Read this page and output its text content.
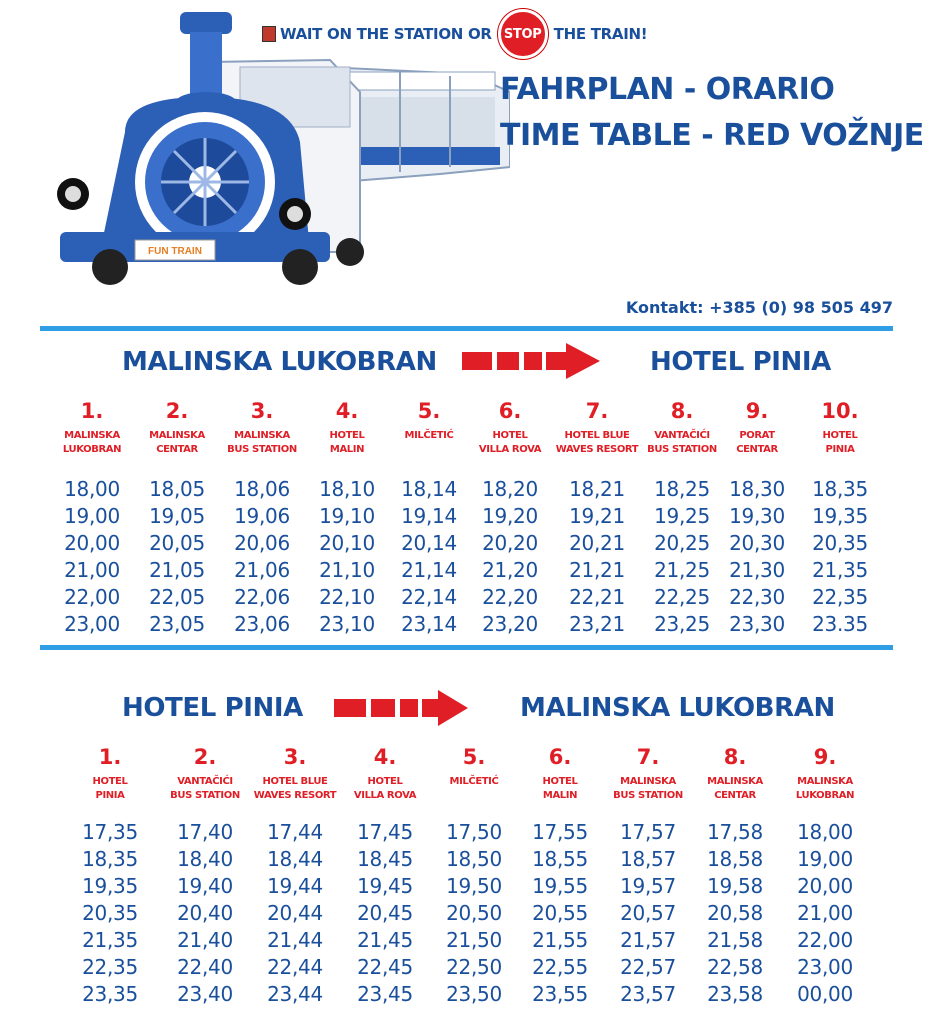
FUN TRAIN
WAIT ON THE STATION OR STOP THE TRAIN!
FAHRPLAN - ORARIO
TIME TABLE - RED VOŽNJE
Kontakt: +385 (0) 98 505 497
MALINSKA LUKOBRAN	HOTEL PINIA
1.
MALINSKA
LUKOBRAN
2.
MALINSKA
CENTAR
3.
MALINSKA
BUS STATION
4.
HOTEL
MALIN
5.
MILČETIĆ
6.
HOTEL
VILLA ROVA
7.
HOTEL BLUE
WAVES RESORT
8.
VANTAČIĆI
BUS STATION
9.
PORAT
CENTAR
10.
HOTEL
PINIA
18,00
19,00
20,00
21,00
22,00
23,00
18,05
19,05
20,05
21,05
22,05
23,05
18,06
19,06
20,06
21,06
22,06
23,06
18,10
19,10
20,10
21,10
22,10
23,10
18,14
19,14
20,14
21,14
22,14
23,14
18,20
19,20
20,20
21,20
22,20
23,20
18,21
19,21
20,21
21,21
22,21
23,21
18,25
19,25
20,25
21,25
22,25
23,25
18,30
19,30
20,30
21,30
22,30
23,30
18,35
19,35
20,35
21,35
22,35
23.35
HOTEL PINIA	MALINSKA LUKOBRAN
1.
HOTEL
PINIA
2.
VANTAČIĆI
BUS STATION
3.
HOTEL BLUE
WAVES RESORT
4.
HOTEL
VILLA ROVA
5.
MILČETIĆ
6.
HOTEL
MALIN
7.
MALINSKA
BUS STATION
8.
MALINSKA
CENTAR
9.
MALINSKA
LUKOBRAN
17,35
18,35
19,35
20,35
21,35
22,35
23,35
17,40
18,40
19,40
20,40
21,40
22,40
23,40
17,44
18,44
19,44
20,44
21,44
22,44
23,44
17,45
18,45
19,45
20,45
21,45
22,45
23,45
17,50
18,50
19,50
20,50
21,50
22,50
23,50
17,55
18,55
19,55
20,55
21,55
22,55
23,55
17,57
18,57
19,57
20,57
21,57
22,57
23,57
17,58
18,58
19,58
20,58
21,58
22,58
23,58
18,00
19,00
20,00
21,00
22,00
23,00
00,00
